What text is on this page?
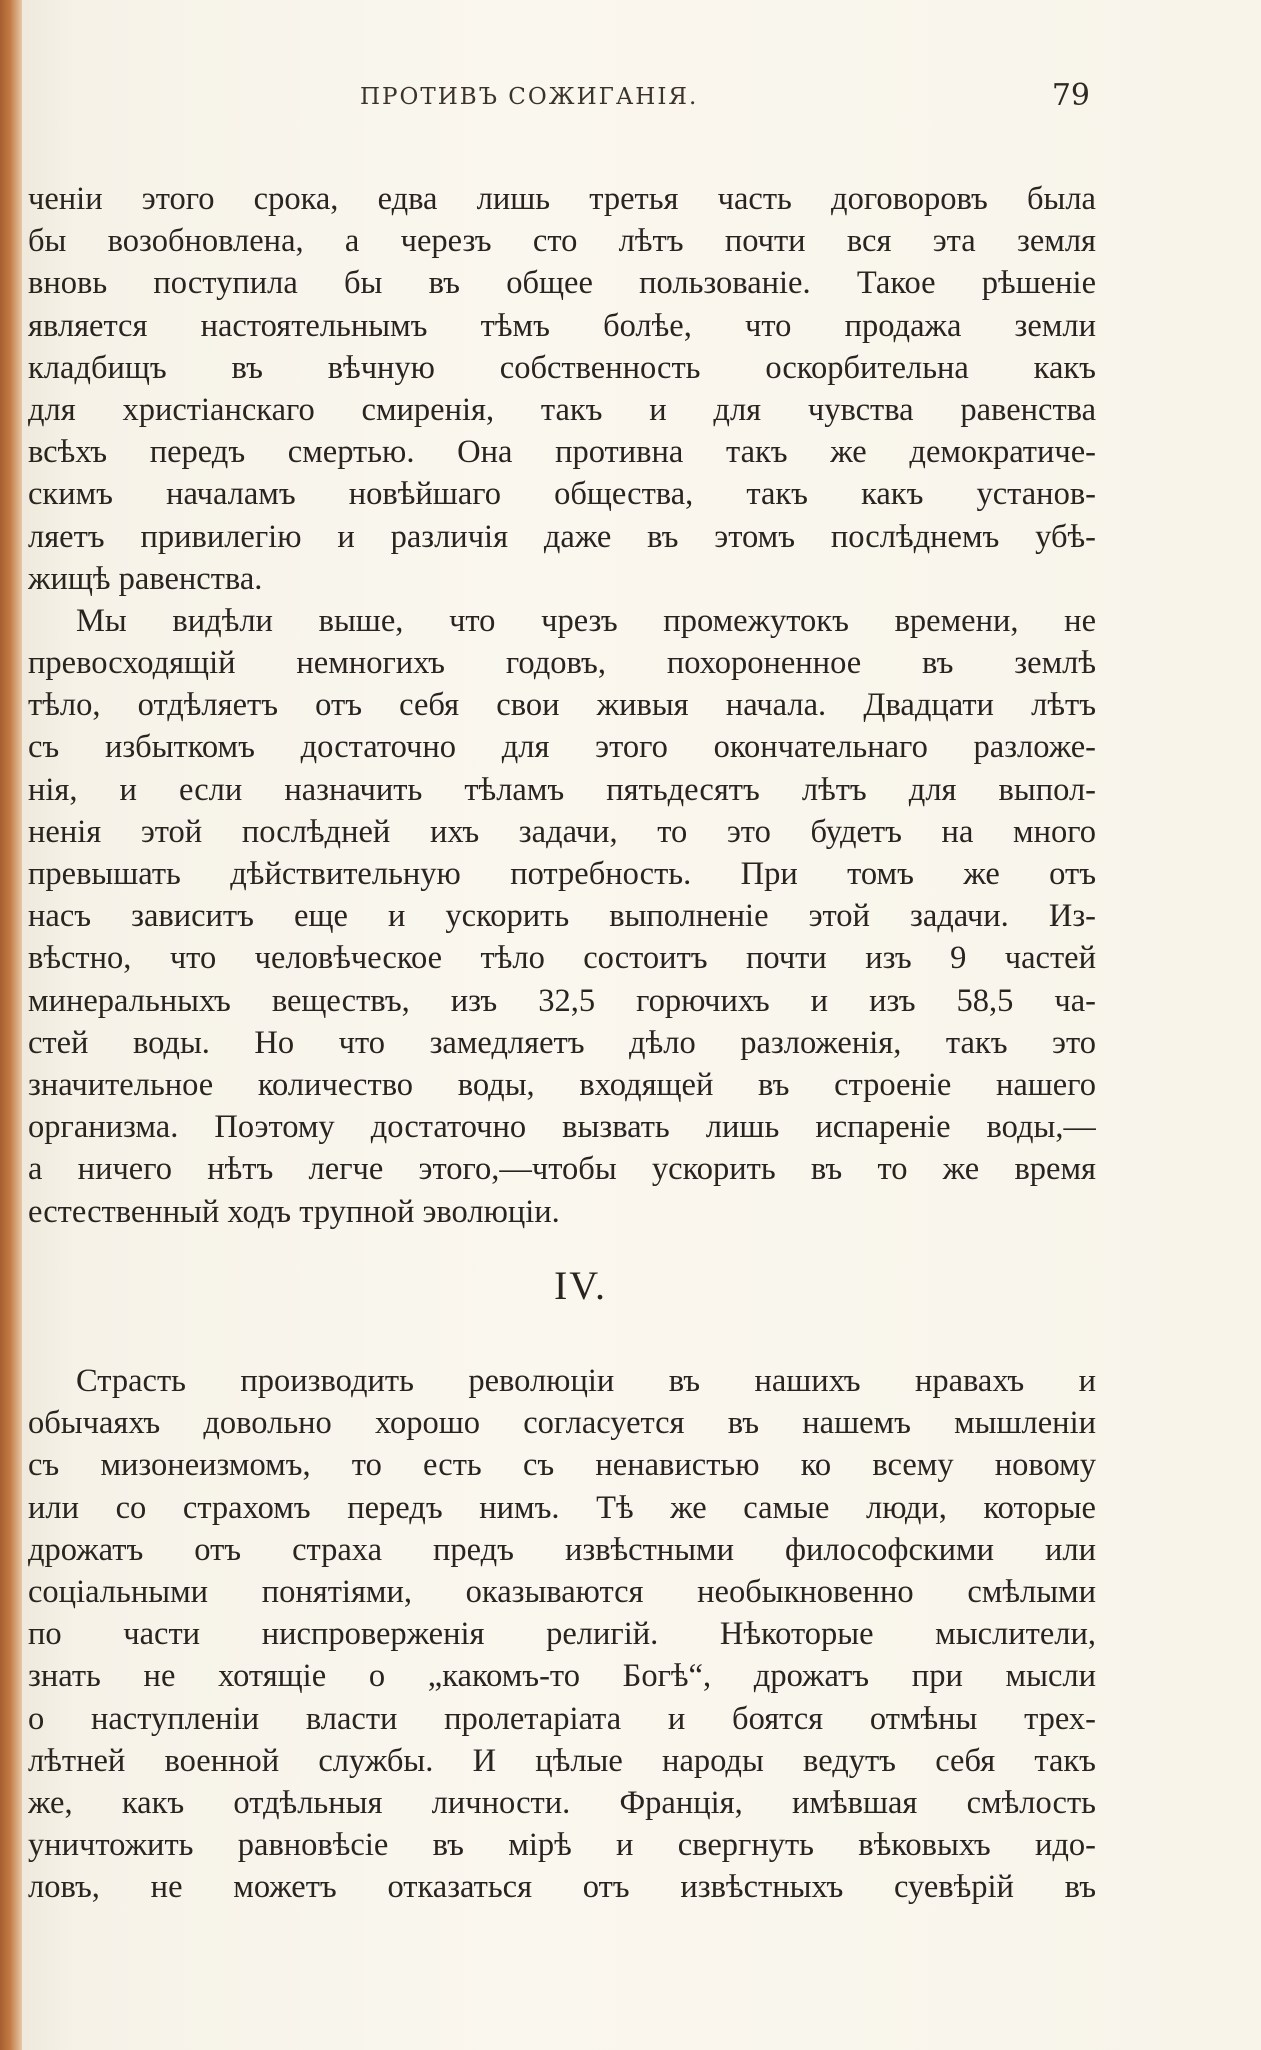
ПРОТИВЪ СОЖИГАНІЯ.	79
ченіи этого срока, едва лишь третья часть договоровъ была
бы возобновлена, а черезъ сто лѣтъ почти вся эта земля
вновь поступила бы въ общее пользованіе. Такое рѣшеніе
является настоятельнымъ тѣмъ болѣе, что продажа земли
кладбищъ въ вѣчную собственность оскорбительна какъ
для христіанскаго смиренія, такъ и для чувства равенства
всѣхъ передъ смертью. Она противна такъ же демократиче-
скимъ началамъ новѣйшаго общества, такъ какъ установ-
ляетъ привилегію и различія даже въ этомъ послѣднемъ убѣ-
жищѣ равенства.
Мы видѣли выше, что чрезъ промежутокъ времени, не
превосходящій немногихъ годовъ, похороненное въ землѣ
тѣло, отдѣляетъ отъ себя свои живыя начала. Двадцати лѣтъ
съ избыткомъ достаточно для этого окончательнаго разложе-
нія, и если назначить тѣламъ пятьдесятъ лѣтъ для выпол-
ненія этой послѣдней ихъ задачи, то это будетъ на много
превышать дѣйствительную потребность. При томъ же отъ
насъ зависитъ еще и ускорить выполненіе этой задачи. Из-
вѣстно, что человѣческое тѣло состоитъ почти изъ 9 частей
минеральныхъ веществъ, изъ 32,5 горючихъ и изъ 58,5 ча-
стей воды. Но что замедляетъ дѣло разложенія, такъ это
значительное количество воды, входящей въ строеніе нашего
организма. Поэтому достаточно вызвать лишь испареніе воды,—
а ничего нѣтъ легче этого,—чтобы ускорить въ то же время
естественный ходъ трупной эволюціи.
IV.
Страсть производить революціи въ нашихъ нравахъ и
обычаяхъ довольно хорошо согласуется въ нашемъ мышленіи
съ мизонеизмомъ, то есть съ ненавистью ко всему новому
или со страхомъ передъ нимъ. Тѣ же самые люди, которые
дрожатъ отъ страха предъ извѣстными философскими или
соціальными понятіями, оказываются необыкновенно смѣлыми
по части ниспроверженія религій. Нѣкоторые мыслители,
знать не хотящіе о „какомъ-то Богѣ“, дрожатъ при мысли
о наступленіи власти пролетаріата и боятся отмѣны трех-
лѣтней военной службы. И цѣлые народы ведутъ себя такъ
же, какъ отдѣльныя личности. Франція, имѣвшая смѣлость
уничтожить равновѣсіе въ мірѣ и свергнуть вѣковыхъ идо-
ловъ, не можетъ отказаться отъ извѣстныхъ суевѣрій въ
